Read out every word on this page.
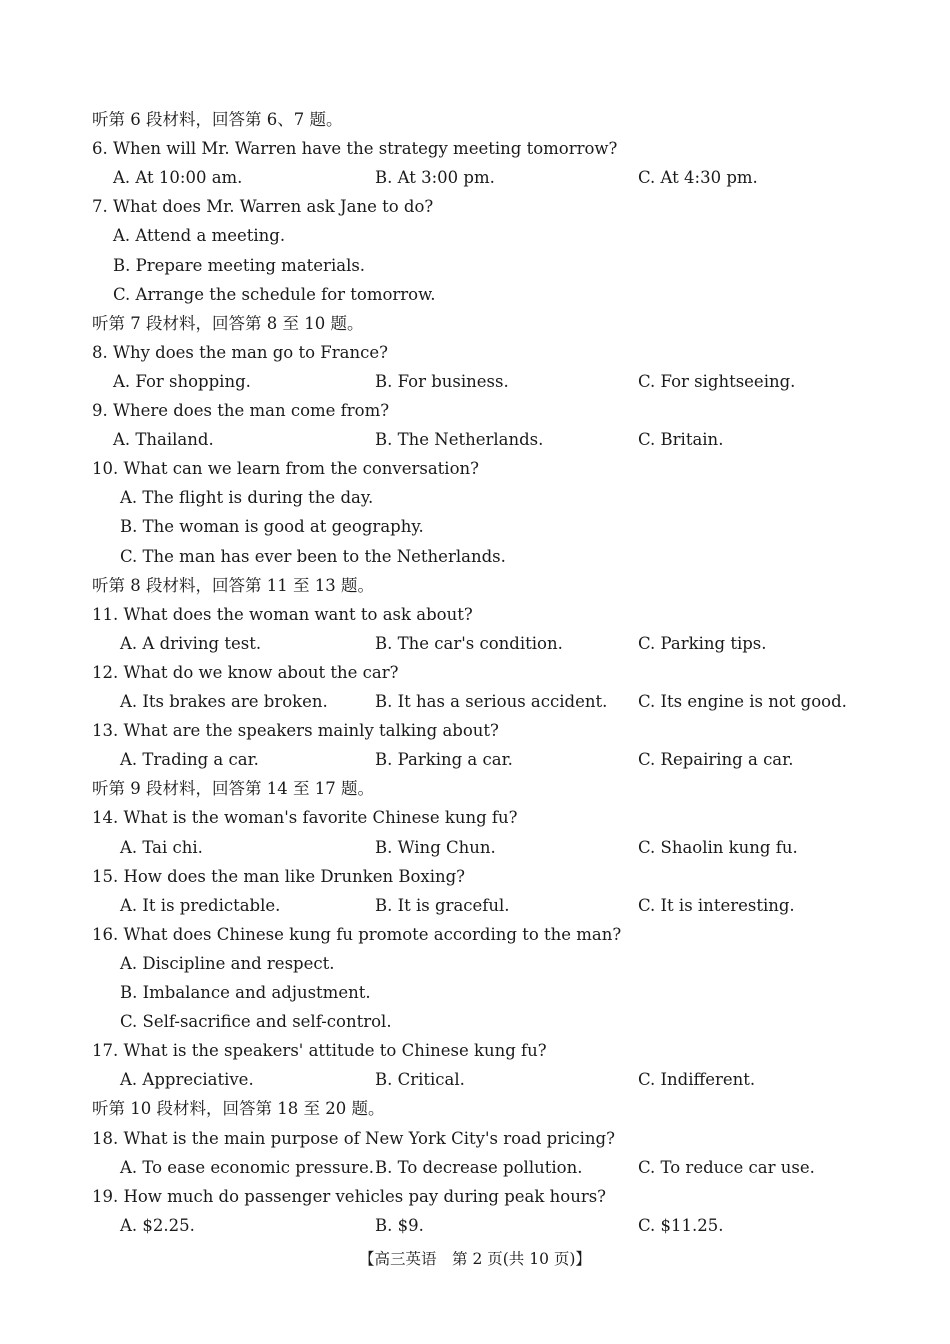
听第 6 段材料，回答第 6、7 题。
6. When will Mr. Warren have the strategy meeting tomorrow?
A. At 10:00 am.	B. At 3:00 pm.	C. At 4:30 pm.
7. What does Mr. Warren ask Jane to do?
A. Attend a meeting.
B. Prepare meeting materials.
C. Arrange the schedule for tomorrow.
听第 7 段材料，回答第 8 至 10 题。
8. Why does the man go to France?
A. For shopping.	B. For business.	C. For sightseeing.
9. Where does the man come from?
A. Thailand.	B. The Netherlands.	C. Britain.
10. What can we learn from the conversation?
A. The flight is during the day.
B. The woman is good at geography.
C. The man has ever been to the Netherlands.
听第 8 段材料，回答第 11 至 13 题。
11. What does the woman want to ask about?
A. A driving test.	B. The car's condition.	C. Parking tips.
12. What do we know about the car?
A. Its brakes are broken.	B. It has a serious accident. C. Its engine is not good.
13. What are the speakers mainly talking about?
A. Trading a car.	B. Parking a car.	C. Repairing a car.
听第 9 段材料，回答第 14 至 17 题。
14. What is the woman's favorite Chinese kung fu?
A. Tai chi.	B. Wing Chun.	C. Shaolin kung fu.
15. How does the man like Drunken Boxing?
A. It is predictable.	B. It is graceful.	C. It is interesting.
16. What does Chinese kung fu promote according to the man?
A. Discipline and respect.
B. Imbalance and adjustment.
C. Self-sacrifice and self-control.
17. What is the speakers' attitude to Chinese kung fu?
A. Appreciative.	B. Critical.	C. Indifferent.
听第 10 段材料，回答第 18 至 20 题。
18. What is the main purpose of New York City's road pricing?
A. To ease economic pressure. B. To decrease pollution.	C. To reduce car use.
19. How much do passenger vehicles pay during peak hours?
A. $2.25.	B. $9.	C. $11.25.
【高三英语　第 2 页(共 10 页)】
